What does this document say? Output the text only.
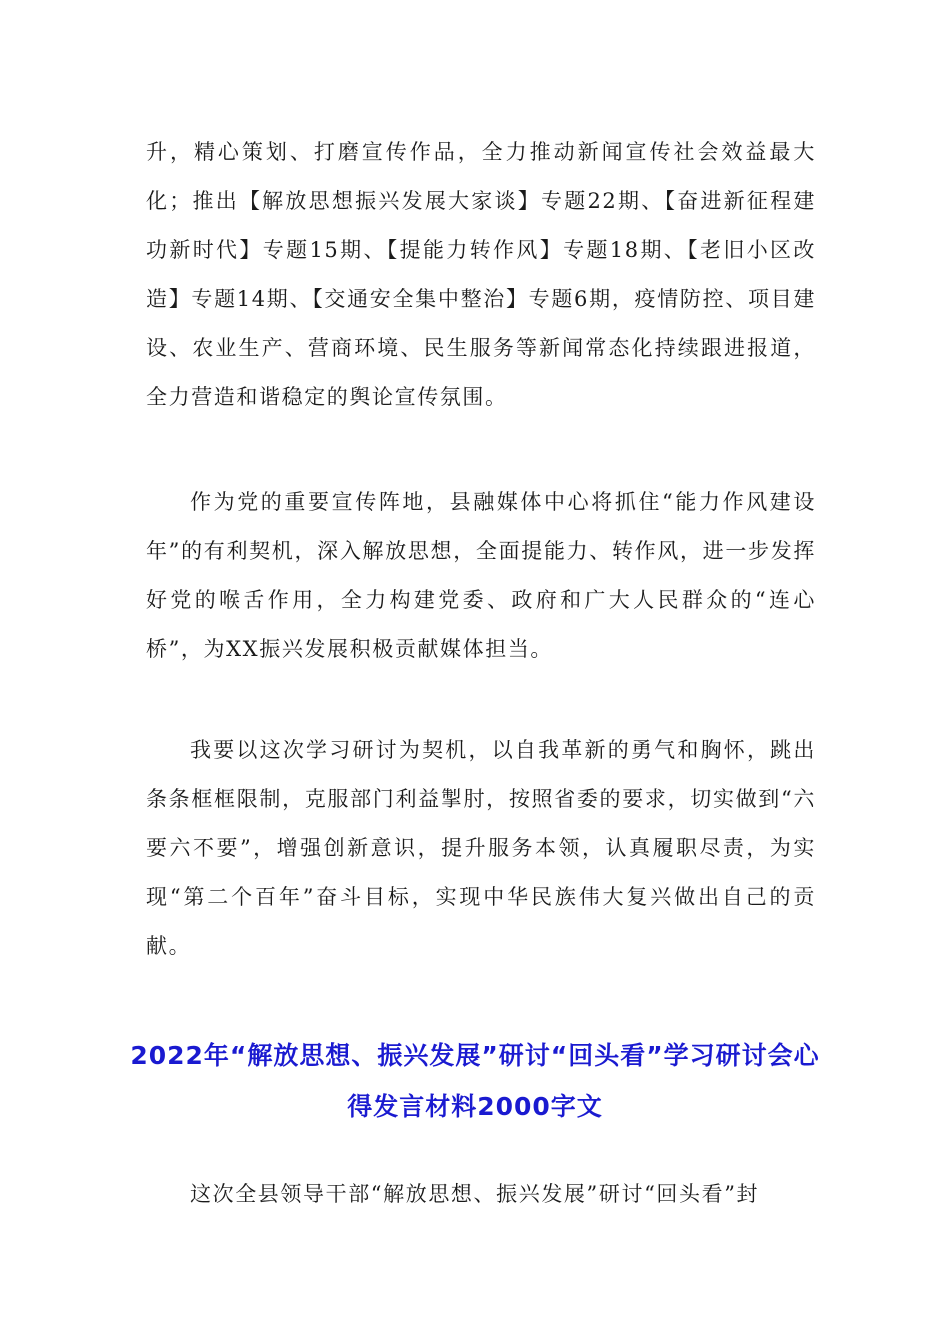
升，精心策划、打磨宣传作品，全力推动新闻宣传社会效益最大化；推出【解放思想振兴发展大家谈】专题22期、【奋进新征程建功新时代】专题15期、【提能力转作风】专题18期、【老旧小区改造】专题14期、【交通安全集中整治】专题6期，疫情防控、项目建设、农业生产、营商环境、民生服务等新闻常态化持续跟进报道，全力营造和谐稳定的舆论宣传氛围。

作为党的重要宣传阵地，县融媒体中心将抓住“能力作风建设年”的有利契机，深入解放思想，全面提能力、转作风，进一步发挥好党的喉舌作用，全力构建党委、政府和广大人民群众的“连心桥”，为XX振兴发展积极贡献媒体担当。

我要以这次学习研讨为契机，以自我革新的勇气和胸怀，跳出条条框框限制，克服部门利益掣肘，按照省委的要求，切实做到“六要六不要”，增强创新意识，提升服务本领，认真履职尽责，为实现“第二个百年”奋斗目标，实现中华民族伟大复兴做出自己的贡献。

2022年“解放思想、振兴发展”研讨“回头看”学习研讨会心得发言材料2000字文

这次全县领导干部“解放思想、振兴发展”研讨“回头看”封
